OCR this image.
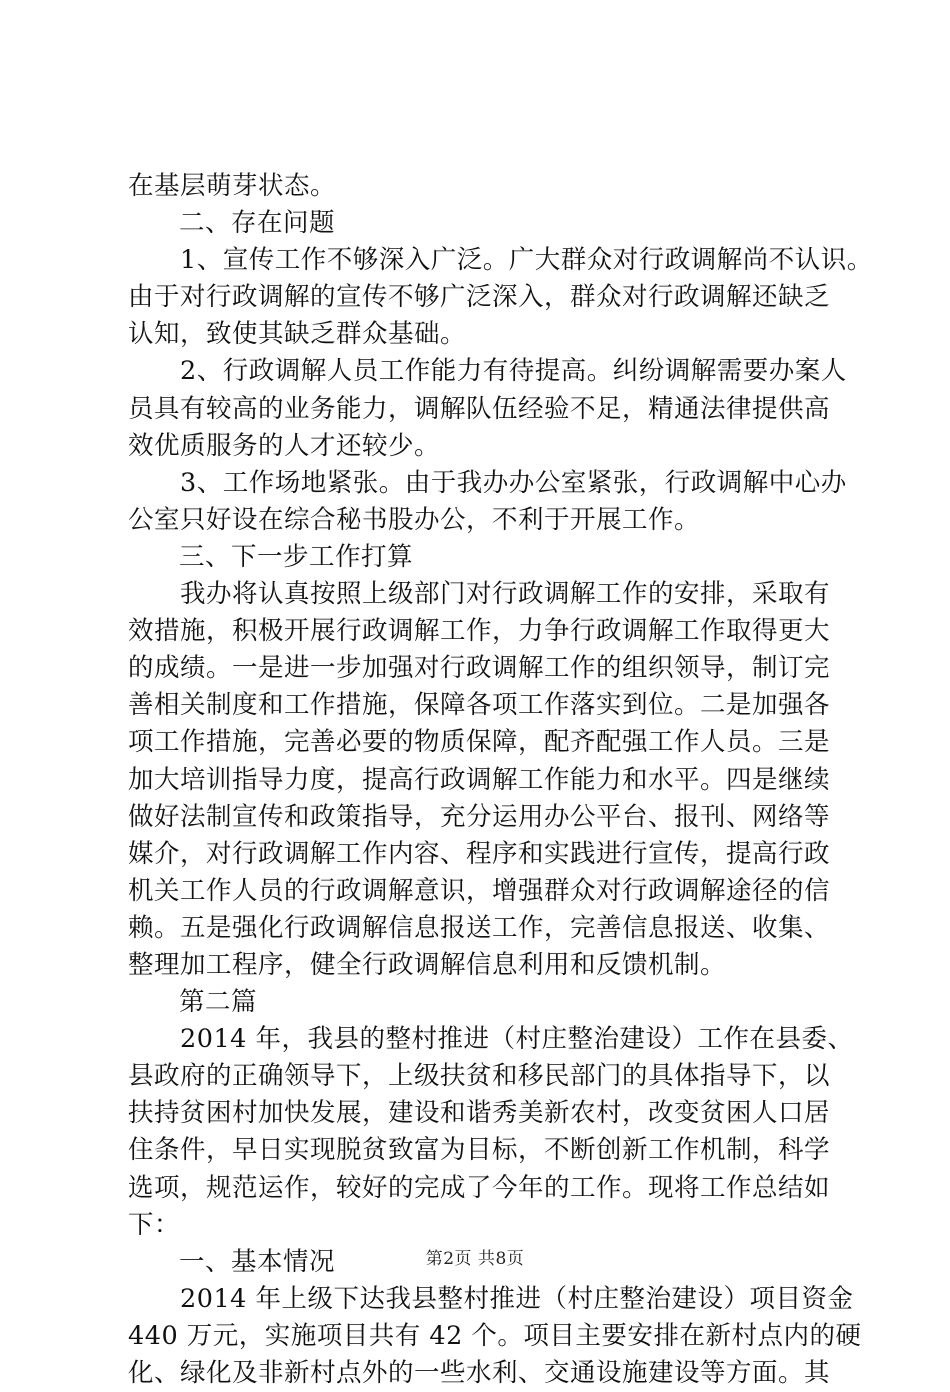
在基层萌芽状态。
二、存在问题
　　1、宣传工作不够深入广泛。广大群众对行政调解尚不认识。
由于对行政调解的宣传不够广泛深入，群众对行政调解还缺乏
认知，致使其缺乏群众基础。
　　2、行政调解人员工作能力有待提高。纠纷调解需要办案人
员具有较高的业务能力，调解队伍经验不足，精通法律提供高
效优质服务的人才还较少。
　　3、工作场地紧张。由于我办办公室紧张，行政调解中心办
公室只好设在综合秘书股办公，不利于开展工作。
三、下一步工作打算
　　我办将认真按照上级部门对行政调解工作的安排，采取有
效措施，积极开展行政调解工作，力争行政调解工作取得更大
的成绩。一是进一步加强对行政调解工作的组织领导，制订完
善相关制度和工作措施，保障各项工作落实到位。二是加强各
项工作措施，完善必要的物质保障，配齐配强工作人员。三是
加大培训指导力度，提高行政调解工作能力和水平。四是继续
做好法制宣传和政策指导，充分运用办公平台、报刊、网络等
媒介，对行政调解工作内容、程序和实践进行宣传，提高行政
机关工作人员的行政调解意识，增强群众对行政调解途径的信
赖。五是强化行政调解信息报送工作，完善信息报送、收集、
整理加工程序，健全行政调解信息利用和反馈机制。
第二篇
　　2014 年，我县的整村推进（村庄整治建设）工作在县委、
县政府的正确领导下，上级扶贫和移民部门的具体指导下，以
扶持贫困村加快发展，建设和谐秀美新农村，改变贫困人口居
住条件，早日实现脱贫致富为目标，不断创新工作机制，科学
选项，规范运作，较好的完成了今年的工作。现将工作总结如
下：
一、基本情况
　　2014 年上级下达我县整村推进（村庄整治建设）项目资金
440 万元，实施项目共有 42 个。项目主要安排在新村点内的硬
化、绿化及非新村点外的一些水利、交通设施建设等方面。其
第2页 共8页
